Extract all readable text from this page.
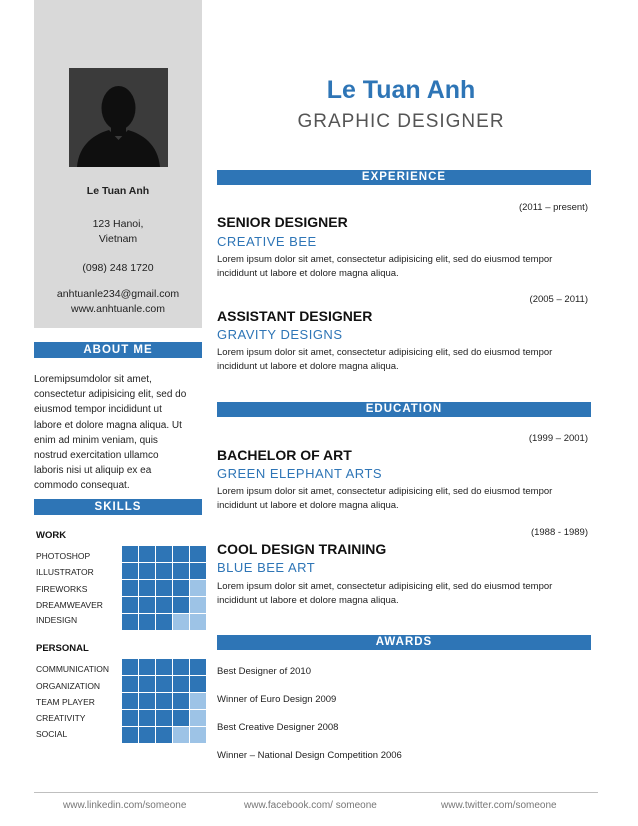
Le Tuan Anh
123 Hanoi,
Vietnam
(098) 248 1720
anhtuanle234@gmail.com
www.anhtuanle.com
ABOUT ME
Loremipsumdolor sit amet,
consectetur adipisicing elit, sed do
eiusmod tempor incididunt ut
labore et dolore magna aliqua. Ut
enim ad minim veniam, quis
nostrud exercitation ullamco
laboris nisi ut aliquip ex ea
commodo consequat.
SKILLS
WORK
PHOTOSHOP
ILLUSTRATOR
FIREWORKS
DREAMWEAVER
INDESIGN
PERSONAL
COMMUNICATION
ORGANIZATION
TEAM PLAYER
CREATIVITY
SOCIAL
Le Tuan Anh
GRAPHIC DESIGNER
EXPERIENCE
(2011 – present)
SENIOR DESIGNER
CREATIVE BEE
Lorem ipsum dolor sit amet, consectetur adipisicing elit, sed do eiusmod tempor
incididunt ut labore et dolore magna aliqua.
(2005 – 2011)
ASSISTANT DESIGNER
GRAVITY DESIGNS
Lorem ipsum dolor sit amet, consectetur adipisicing elit, sed do eiusmod tempor
incididunt ut labore et dolore magna aliqua.
EDUCATION
(1999 – 2001)
BACHELOR OF ART
GREEN ELEPHANT ARTS
Lorem ipsum dolor sit amet, consectetur adipisicing elit, sed do eiusmod tempor
incididunt ut labore et dolore magna aliqua.
(1988 - 1989)
COOL DESIGN TRAINING
BLUE BEE ART
Lorem ipsum dolor sit amet, consectetur adipisicing elit, sed do eiusmod tempor
incididunt ut labore et dolore magna aliqua.
AWARDS
Best Designer of 2010
Winner of Euro Design 2009
Best Creative Designer 2008
Winner – National Design Competition 2006
www.linkedin.com/someone	www.facebook.com/ someone	www.twitter.com/someone
